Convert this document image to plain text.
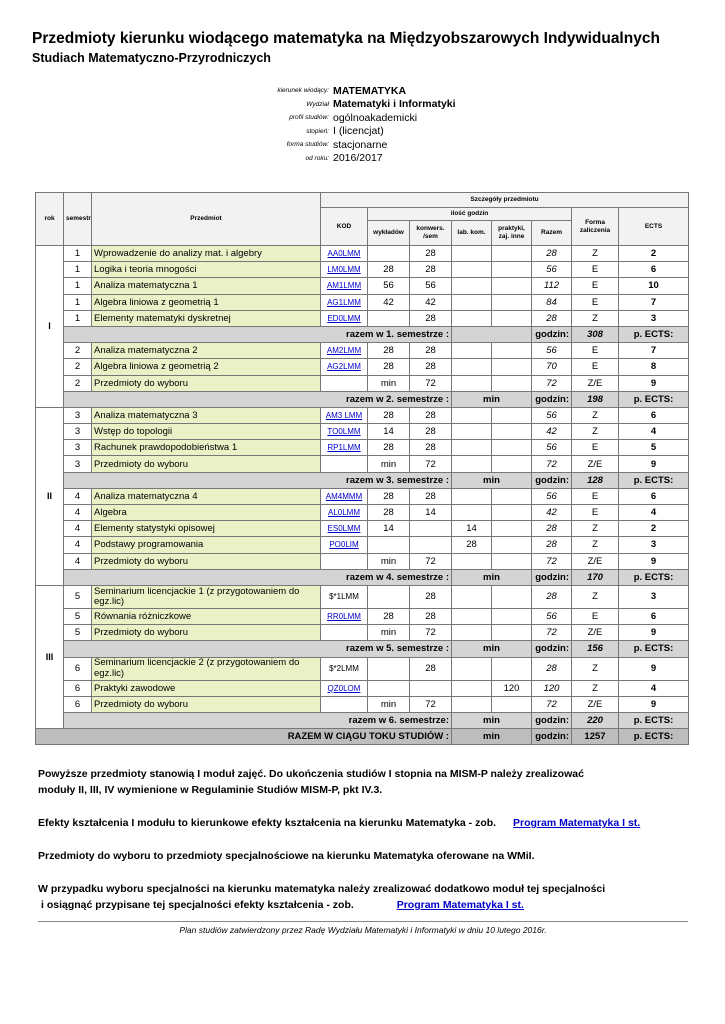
Przedmioty kierunku wiodącego matematyka na Międzyobszarowych Indywidualnych
Studiach Matematyczno-Przyrodniczych
kierunek wiodący: MATEMATYKA
Wydział Matematyki i Informatyki
profil studiów: ogólnoakademicki
stopień: I (licencjat)
forma studiów: stacjonarne
od roku: 2016/2017
rok	semestr	Przedmiot	Szczegóły przedmiotu								
			KOD	ilość godzin					Forma zaliczenia	ECTS	
				wykładów	konwers. /sem	lab. kom.	praktyki, zaj. inne	Razem			
I	1	Wprowadzenie do analizy mat. i algebry	AA0LMM		28			28	Z	2	
	1	Logika i teoria mnogości	LM0LMM	28	28			56	E	6	
	1	Analiza matematyczna 1	AM1LMM	56	56			112	E	10	
	1	Algebra liniowa z geometrią 1	AG1LMM	42	42			84	E	7	
	1	Elementy matematyki dyskretnej	ED0LMM		28			28	Z	3	
	razem w 1. semestrze :							godzin:	308	p. ECTS:	
	2	Analiza matematyczna 2	AM2LMM	28	28			56	E	7	
	2	Algebra liniowa z geometrią 2	AG2LMM	28	28			70	E	8	
	2	Przedmioty do wyboru		min	72			72	Z/E	9	
	razem w 2. semestrze :					min		godzin:	198	p. ECTS:	
II	3	Analiza matematyczna 3	AM3 LMM	28	28			56	Z	6	
	3	Wstęp do topologii	TO0LMM	14	28			42	Z	4	
	3	Rachunek prawdopodobieństwa 1	RP1LMM	28	28			56	E	5	
	3	Przedmioty do wyboru		min	72			72	Z/E	9	
	razem w 3. semestrze :					min		godzin:	128	p. ECTS:	
	4	Analiza matematyczna 4	AM4MMM	28	28			56	E	6	
	4	Algebra	AL0LMM	28	14			42	E	4	
	4	Elementy statystyki opisowej	ES0LMM	14		14		28	Z	2	
	4	Podstawy programowania	PO0LIM			28		28	Z	3	
	4	Przedmioty do wyboru		min	72			72	Z/E	9	
	razem w 4. semestrze :					min		godzin:	170	p. ECTS:	
III	5	Seminarium licencjackie 1 (z przygotowaniem do egz.lic)	$*1LMM		28			28	Z	3	
	5	Równania różniczkowe	RR0LMM	28	28			56	E	6	
	5	Przedmioty do wyboru		min	72			72	Z/E	9	
	razem w 5. semestrze :					min		godzin:	156	p. ECTS:	
	6	Seminarium licencjackie 2 (z przygotowaniem do egz.lic)	$*2LMM		28			28	Z	9	
	6	Praktyki zawodowe	QZ0LOM				120	120	Z	4	
	6	Przedmioty do wyboru		min	72			72	Z/E	9	
	razem w 6. semestrze:					min		godzin:	220	p. ECTS:	
RAZEM W CIĄGU TOKU STUDIÓW :						min		godzin:	1257	p. ECTS:	
Powyższe przedmioty stanowią I moduł zajęć. Do ukończenia studiów I stopnia na MISM-P należy zrealizować
moduły II, III, IV wymienione w Regulaminie Studiów MISM-P, pkt IV.3.
Efekty kształcenia I modułu to kierunkowe efekty kształcenia na kierunku Matematyka - zob. Program Matematyka I st.
Przedmioty do wyboru to przedmioty specjalnościowe na kierunku Matematyka oferowane na WMiI.
W przypadku wyboru specjalności na kierunku matematyka należy zrealizować dodatkowo moduł tej specjalności
i osiągnąć przypisane tej specjalności efekty kształcenia - zob.	Program Matematyka I st.
Plan studiów zatwierdzony przez Radę Wydziału Matematyki i Informatyki w dniu 10 lutego 2016r.
